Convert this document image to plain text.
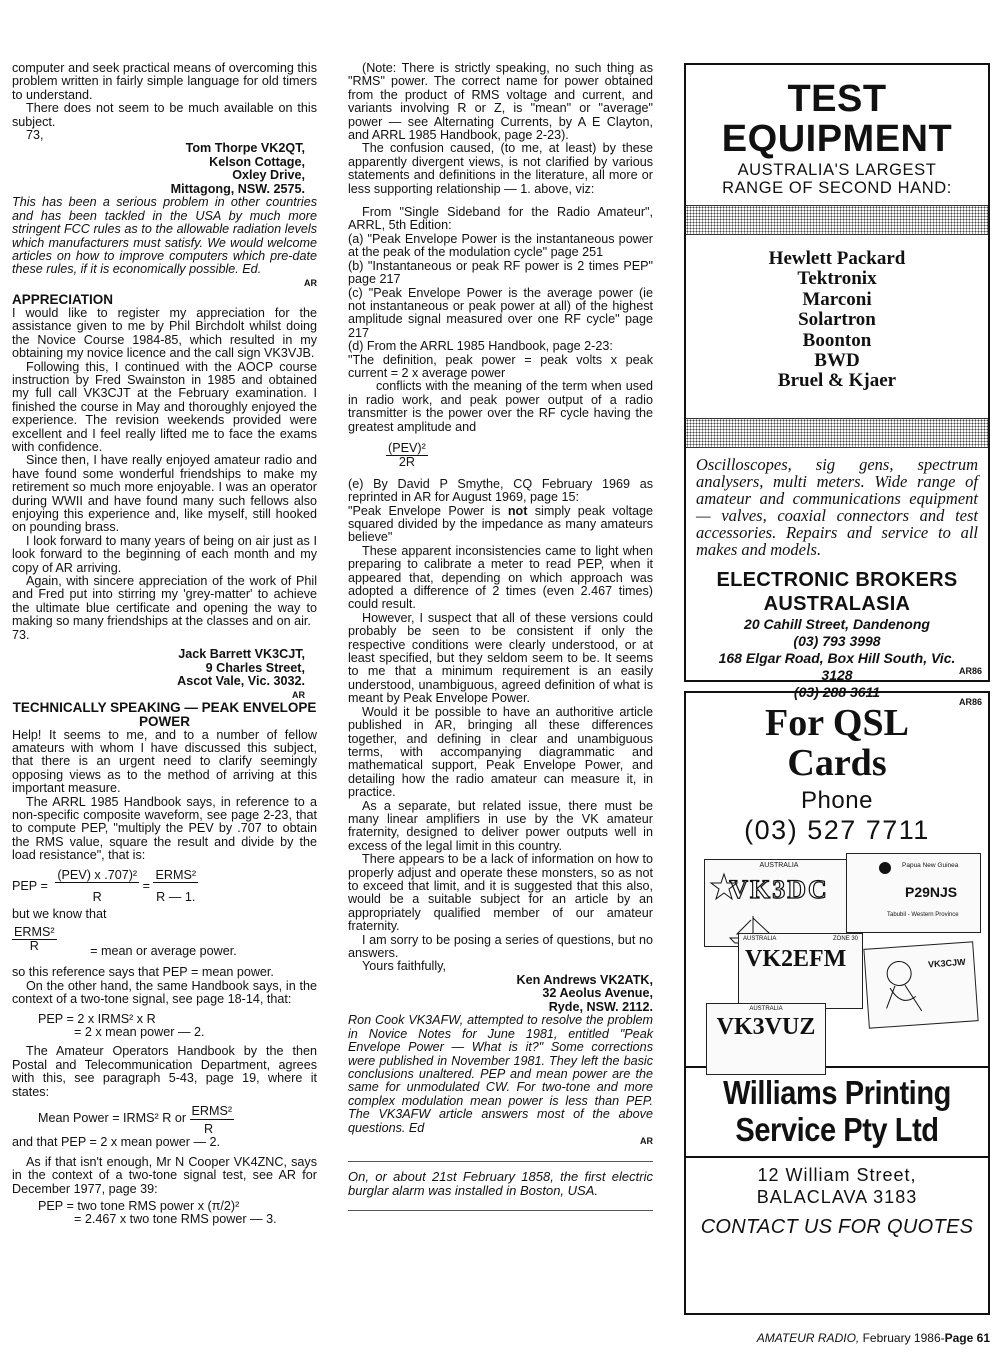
computer and seek practical means of overcoming this problem written in fairly simple language for old timers to understand.

There does not seem to be much available on this subject.

73,

Tom Thorpe VK2QT,
Kelson Cottage,
Oxley Drive,
Mittagong, NSW. 2575.

This has been a serious problem in other countries and has been tackled in the USA by much more stringent FCC rules as to the allowable radiation levels which manufacturers must satisfy. We would welcome articles on how to improve computers which pre-date these rules, if it is economically possible. Ed.

AR
APPRECIATION

I would like to register my appreciation for the assistance given to me by Phil Birchdolt whilst doing the Novice Course 1984-85, which resulted in my obtaining my novice licence and the call sign VK3VJB.

Following this, I continued with the AOCP course instruction by Fred Swainston in 1985 and obtained my full call VK3CJT at the February examination. I finished the course in May and thoroughly enjoyed the experience. The revision weekends provided were excellent and I feel really lifted me to face the exams with confidence.

Since then, I have really enjoyed amateur radio and have found some wonderful friendships to make my retirement so much more enjoyable. I was an operator during WWII and have found many such fellows also enjoying this experience and, like myself, still hooked on pounding brass.

I look forward to many years of being on air just as I look forward to the beginning of each month and my copy of AR arriving.

Again, with sincere appreciation of the work of Phil and Fred put into stirring my 'grey-matter' to achieve the ultimate blue certificate and opening the way to making so many friendships at the classes and on air.

73.

Jack Barrett VK3CJT,
9 Charles Street,
Ascot Vale, Vic. 3032.
AR
TECHNICALLY SPEAKING — PEAK ENVELOPE POWER

Help! It seems to me, and to a number of fellow amateurs with whom I have discussed this subject, that there is an urgent need to clarify seemingly opposing views as to the method of arriving at this important measure.

The ARRL 1985 Handbook says, in reference to a non-specific composite waveform, see page 2-23, that to compute PEP, "multiply the PEV by .707 to obtain the RMS value, square the result and divide by the load resistance", that is:

PEP = $\frac{\text{(PEV) x .707)²}}{R} = \frac{\text{ERMS²}}{R — 1.}$

but we know that

$\frac{\text{ERMS²}}{R}$	= mean or average power.

so this reference says that PEP = mean power.

On the other hand, the same Handbook says, in the context of a two-tone signal, see page 18-14, that:

PEP = 2 x IRMS² x R
= 2 x mean power — 2.

The Amateur Operators Handbook by the then Postal and Telecommunication Department, agrees with this, see paragraph 5-43, page 19, where it states:

Mean Power = IRMS² R or
ERMS²
R

and that PEP = 2 x mean power — 2.

As if that isn't enough, Mr N Cooper VK4ZNC, says in the context of a two-tone signal test, see AR for December 1977, page 39:

PEP = two tone RMS power x (π/2)²
= 2.467 x two tone RMS power — 3.

(Note: There is strictly speaking, no such thing as "RMS" power. The correct name for power obtained from the product of RMS voltage and current, and variants involving R or Z, is "mean" or "average" power — see Alternating Currents, by A E Clayton, and ARRL 1985 Handbook, page 2-23).

The confusion caused, (to me, at least) by these apparently divergent views, is not clarified by various statements and definitions in the literature, all more or less supporting relationship — 1. above, viz:

From "Single Sideband for the Radio Amateur", ARRL, 5th Edition:

(a) "Peak Envelope Power is the instantaneous power at the peak of the modulation cycle" page 251

(b) "Instantaneous or peak RF power is 2 times PEP" page 217

(c) "Peak Envelope Power is the average power (ie not instantaneous or peak power at all) of the highest amplitude signal measured over one RF cycle" page 217

(d) From the ARRL 1985 Handbook, page 2-23:

"The definition, peak power = peak volts x peak current = 2 x average power

conflicts with the meaning of the term when used in radio work, and peak power output of a radio transmitter is the power over the RF cycle having the greatest amplitude and

$\frac{\text{(PEV)²}}{2R}$

(e) By David P Smythe, CQ February 1969 as reprinted in AR for August 1969, page 15:

"Peak Envelope Power is not simply peak voltage squared divided by the impedance as many amateurs believe"

These apparent inconsistencies came to light when preparing to calibrate a meter to read PEP, when it appeared that, depending on which approach was adopted a difference of 2 times (even 2.467 times) could result.

However, I suspect that all of these versions could probably be seen to be consistent if only the respective conditions were clearly understood, or at least specified, but they seldom seem to be. It seems to me that a minimum requirement is an easily understood, unambiguous, agreed definition of what is meant by Peak Envelope Power.

Would it be possible to have an authoritive article published in AR, bringing all these differences together, and defining in clear and unambiguous terms, with accompanying diagrammatic and mathematical support, Peak Envelope Power, and detailing how the radio amateur can measure it, in practice.

As a separate, but related issue, there must be many linear amplifiers in use by the VK amateur fraternity, designed to deliver power outputs well in excess of the legal limit in this country.

There appears to be a lack of information on how to properly adjust and operate these monsters, so as not to exceed that limit, and it is suggested that this also, would be a suitable subject for an article by an appropriately qualified member of our amateur fraternity.

I am sorry to be posing a series of questions, but no answers.

Yours faithfully,

Ken Andrews VK2ATK,
32 Aeolus Avenue,
Ryde, NSW. 2112.

Ron Cook VK3AFW, attempted to resolve the problem in Novice Notes for June 1981, entitled "Peak Envelope Power — What is it?" Some corrections were published in November 1981. They left the basic conclusions unaltered. PEP and mean power are the same for unmodulated CW. For two-tone and more complex modulation mean power is less than PEP. The VK3AFW article answers most of the above questions. Ed

AR

On, or about 21st February 1858, the first electric burglar alarm was installed in Boston, USA.

TEST
EQUIPMENT
AUSTRALIA'S LARGEST
RANGE OF SECOND HAND:
Hewlett Packard
Tektronix
Marconi
Solartron
Boonton
BWD
Bruel & Kjaer
Oscilloscopes, sig gens, spectrum analysers, multi meters. Wide range of amateur and communications equipment — valves, coaxial connectors and test accessories. Repairs and service to all makes and models.
ELECTRONIC BROKERS
AUSTRALASIA
20 Cahill Street, Dandenong
(03) 793 3998
168 Elgar Road, Box Hill South, Vic.
3128
(03) 288 3611
AR86
AR86
For QSL
Cards
Phone
(03) 527 7711
AUSTRALIA
VK3DC
Papua New Guinea
P29NJS
Tabubil - Western Province
AUSTRALIA	ZONE 30
VK2EFM	VK3CJW
AUSTRALIA
VK3VUZ
Williams Printing
Service Pty Ltd
12 William Street,
BALACLAVA 3183
CONTACT US FOR QUOTES
AMATEUR RADIO, February 1986-Page 61
